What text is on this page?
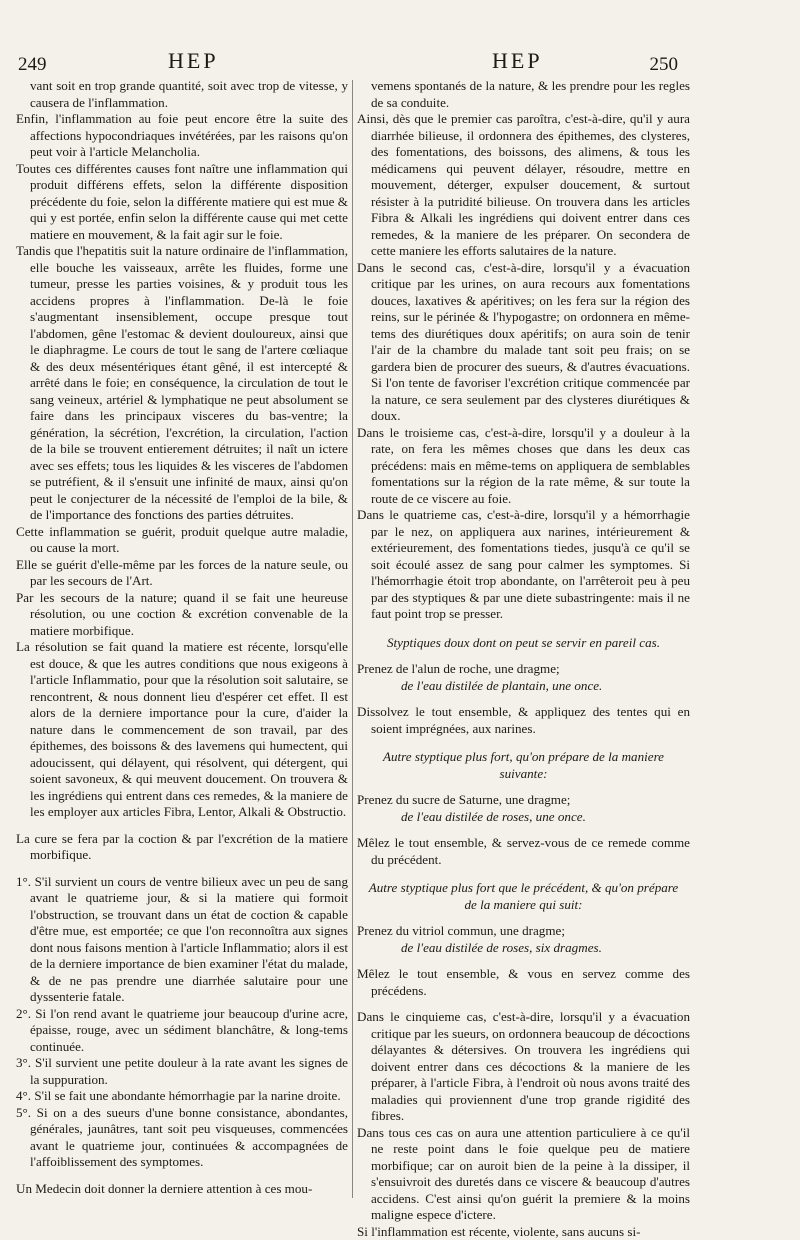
249	HEP	HEP	250

vant soit en trop grande quantité, soit avec trop de vitesse, y causera de l'inflammation.

Enfin, l'inflammation au foie peut encore être la suite des affections hypocondriaques invétérées, par les raisons qu'on peut voir à l'article Melancholia.

Toutes ces différentes causes font naître une inflammation qui produit différens effets, selon la différente disposition précédente du foie, selon la différente matiere qui est mue & qui y est portée, enfin selon la différente cause qui met cette matiere en mouvement, & la fait agir sur le foie.

Tandis que l'hepatitis suit la nature ordinaire de l'inflammation, elle bouche les vaisseaux, arrête les fluides, forme une tumeur, presse les parties voisines, & y produit tous les accidens propres à l'inflammation. De-là le foie s'augmentant insensiblement, occupe presque tout l'abdomen, gêne l'estomac & devient douloureux, ainsi que le diaphragme. Le cours de tout le sang de l'artere cœliaque & des deux mésentériques étant gêné, il est intercepté & arrêté dans le foie; en conséquence, la circulation de tout le sang veineux, artériel & lymphatique ne peut absolument se faire dans les principaux visceres du bas-ventre; la génération, la sécrétion, l'excrétion, la circulation, l'action de la bile se trouvent entierement détruites; il naît un ictere avec ses effets; tous les liquides & les visceres de l'abdomen se putréfient, & il s'ensuit une infinité de maux, ainsi qu'on peut le conjecturer de la nécessité de l'emploi de la bile, & de l'importance des fonctions des parties détruites.

Cette inflammation se guérit, produit quelque autre maladie, ou cause la mort.

Elle se guérit d'elle-même par les forces de la nature seule, ou par les secours de l'Art.

Par les secours de la nature; quand il se fait une heureuse résolution, ou une coction & excrétion convenable de la matiere morbifique.

La résolution se fait quand la matiere est récente, lorsqu'elle est douce, & que les autres conditions que nous exigeons à l'article Inflammatio, pour que la résolution soit salutaire, se rencontrent, & nous donnent lieu d'espérer cet effet. Il est alors de la derniere importance pour la cure, d'aider la nature dans le commencement de son travail, par des épithemes, des boissons & des lavemens qui humectent, qui adoucissent, qui délayent, qui résolvent, qui détergent, qui soient savoneux, & qui meuvent doucement. On trouvera & les ingrédiens qui entrent dans ces remedes, & la maniere de les employer aux articles Fibra, Lentor, Alkali & Obstructio.

La cure se fera par la coction & par l'excrétion de la matiere morbifique.

1°. S'il survient un cours de ventre bilieux avec un peu de sang avant le quatrieme jour, & si la matiere qui formoit l'obstruction, se trouvant dans un état de coction & capable d'être mue, est emportée; ce que l'on reconnoîtra aux signes dont nous faisons mention à l'article Inflammatio; alors il est de la derniere importance de bien examiner l'état du malade, & de ne pas prendre une diarrhée salutaire pour une dyssenterie fatale.

2°. Si l'on rend avant le quatrieme jour beaucoup d'urine acre, épaisse, rouge, avec un sédiment blanchâtre, & long-tems continuée.

3°. S'il survient une petite douleur à la rate avant les signes de la suppuration.

4°. S'il se fait une abondante hémorrhagie par la narine droite.

5°. Si on a des sueurs d'une bonne consistance, abondantes, générales, jaunâtres, tant soit peu visqueuses, commencées avant le quatrieme jour, continuées & accompagnées de l'affoiblissement des symptomes.

Un Medecin doit donner la derniere attention à ces mou-

vemens spontanés de la nature, & les prendre pour les regles de sa conduite.

Ainsi, dès que le premier cas paroîtra, c'est-à-dire, qu'il y aura diarrhée bilieuse, il ordonnera des épithemes, des clysteres, des fomentations, des boissons, des alimens, & tous les médicamens qui peuvent délayer, résoudre, mettre en mouvement, déterger, expulser doucement, & surtout résister à la putridité bilieuse. On trouvera dans les articles Fibra & Alkali les ingrédiens qui doivent entrer dans ces remedes, & la maniere de les préparer. On secondera de cette maniere les efforts salutaires de la nature.

Dans le second cas, c'est-à-dire, lorsqu'il y a évacuation critique par les urines, on aura recours aux fomentations douces, laxatives & apéritives; on les fera sur la région des reins, sur le périnée & l'hypogastre; on ordonnera en même-tems des diurétiques doux apéritifs; on aura soin de tenir l'air de la chambre du malade tant soit peu frais; on se gardera bien de procurer des sueurs, & d'autres évacuations. Si l'on tente de favoriser l'excrétion critique commencée par la nature, ce sera seulement par des clysteres diurétiques & doux.

Dans le troisieme cas, c'est-à-dire, lorsqu'il y a douleur à la rate, on fera les mêmes choses que dans les deux cas précédens: mais en même-tems on appliquera de semblables fomentations sur la région de la rate même, & sur toute la route de ce viscere au foie.

Dans le quatrieme cas, c'est-à-dire, lorsqu'il y a hémorrhagie par le nez, on appliquera aux narines, intérieurement & extérieurement, des fomentations tiedes, jusqu'à ce qu'il se soit écoulé assez de sang pour calmer les symptomes. Si l'hémorrhagie étoit trop abondante, on l'arrêteroit peu à peu par des styptiques & par une diete subastringente: mais il ne faut point trop se presser.

Styptiques doux dont on peut se servir en pareil cas.
Prenez de l'alun de roche, une dragme;
de l'eau distilée de plantain, une once.

Dissolvez le tout ensemble, & appliquez des tentes qui en soient imprégnées, aux narines.

Autre styptique plus fort, qu'on prépare de la maniere suivante:
Prenez du sucre de Saturne, une dragme;
de l'eau distilée de roses, une once.

Mêlez le tout ensemble, & servez-vous de ce remede comme du précédent.

Autre styptique plus fort que le précédent, & qu'on prépare de la maniere qui suit:
Prenez du vitriol commun, une dragme;
de l'eau distilée de roses, six dragmes.

Mêlez le tout ensemble, & vous en servez comme des précédens.

Dans le cinquieme cas, c'est-à-dire, lorsqu'il y a évacuation critique par les sueurs, on ordonnera beaucoup de décoctions délayantes & détersives. On trouvera les ingrédiens qui doivent entrer dans ces décoctions & la maniere de les préparer, à l'article Fibra, à l'endroit où nous avons traité des maladies qui proviennent d'une trop grande rigidité des fibres.

Dans tous ces cas on aura une attention particuliere à ce qu'il ne reste point dans le foie quelque peu de matiere morbifique; car on auroit bien de la peine à la dissiper, il s'ensuivroit des duretés dans ce viscere & beaucoup d'autres accidens. C'est ainsi qu'on guérit la premiere & la moins maligne espece d'ictere.

Si l'inflammation est récente, violente, sans aucuns si-
